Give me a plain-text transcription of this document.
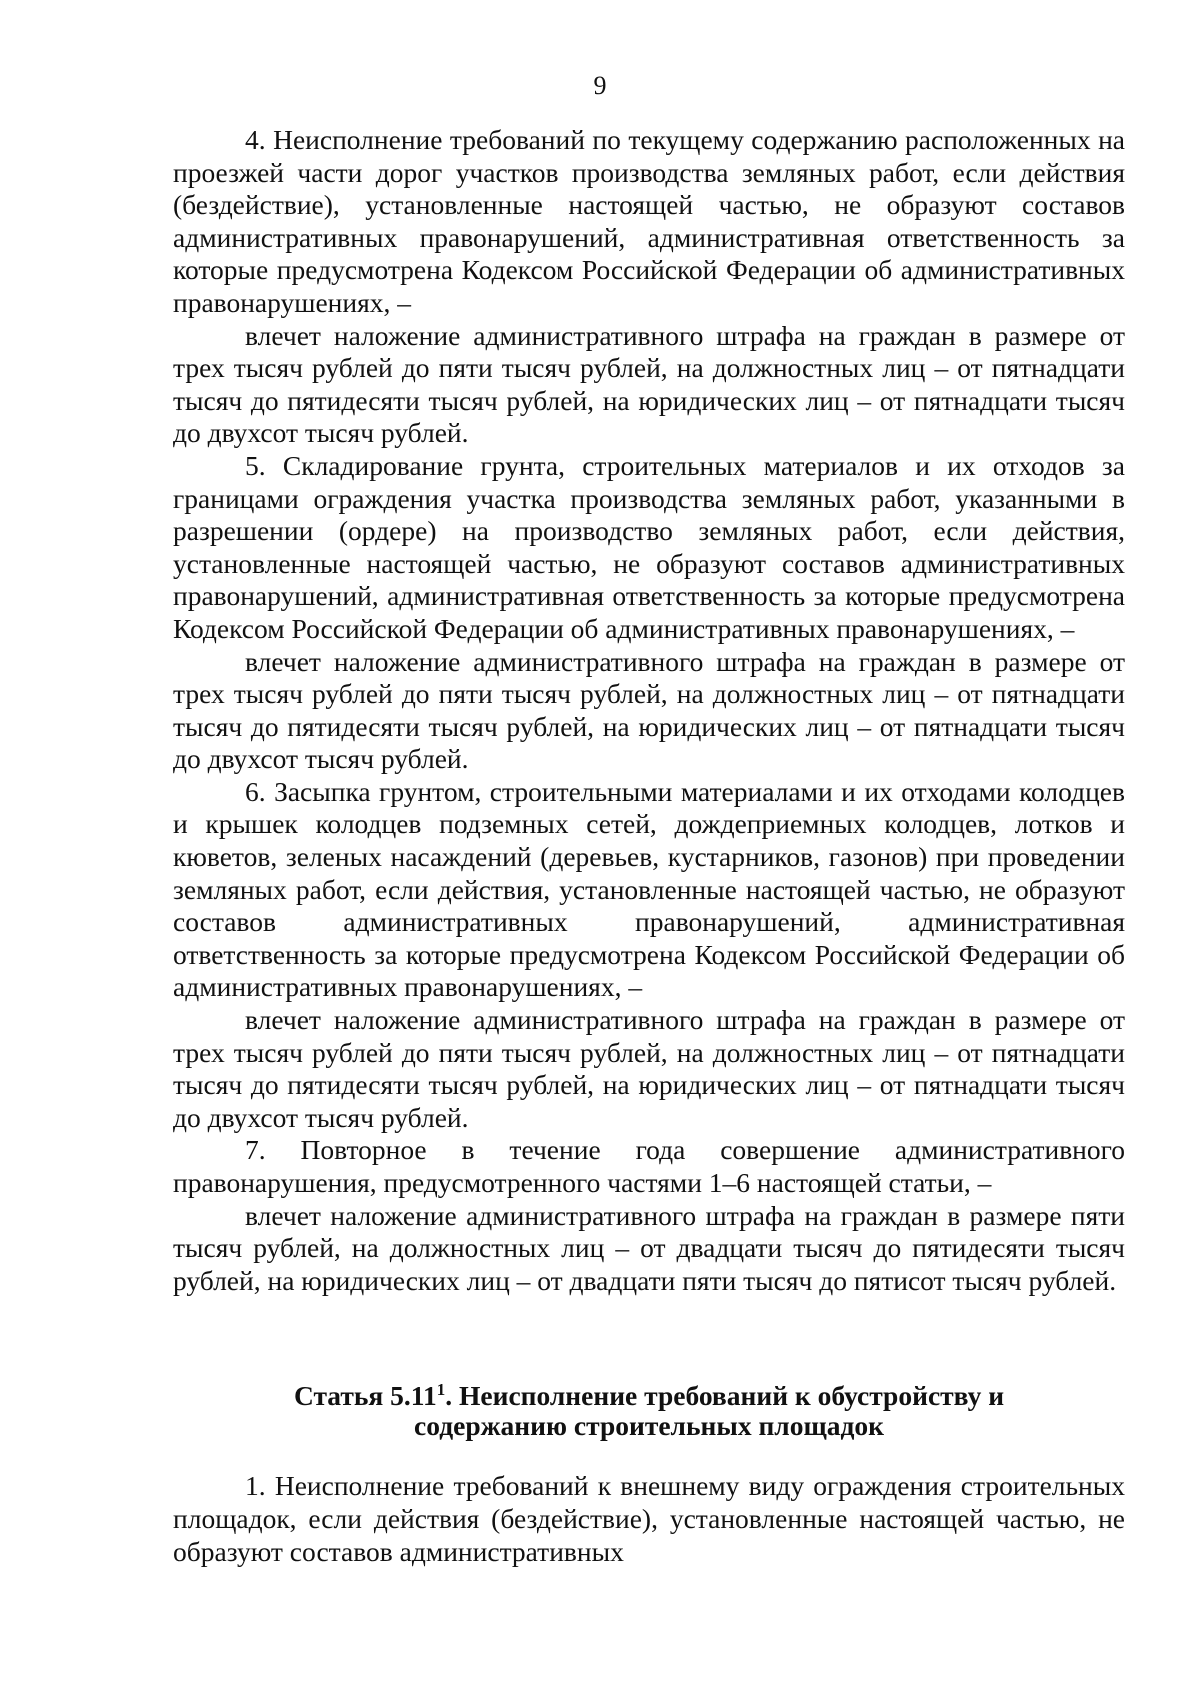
9

4. Неисполнение требований по текущему содержанию расположенных на проезжей части дорог участков производства земляных работ, если действия (бездействие), установленные настоящей частью, не образуют составов административных правонарушений, административная ответственность за которые предусмотрена Кодексом Российской Федерации об административных правонарушениях, –

влечет наложение административного штрафа на граждан в размере от трех тысяч рублей до пяти тысяч рублей, на должностных лиц – от пятнадцати тысяч до пятидесяти тысяч рублей, на юридических лиц – от пятнадцати тысяч до двухсот тысяч рублей.

5. Складирование грунта, строительных материалов и их отходов за границами ограждения участка производства земляных работ, указанными в разрешении (ордере) на производство земляных работ, если действия, установленные настоящей частью, не образуют составов административных правонарушений, административная ответственность за которые предусмотрена Кодексом Российской Федерации об административных правонарушениях, –

влечет наложение административного штрафа на граждан в размере от трех тысяч рублей до пяти тысяч рублей, на должностных лиц – от пятнадцати тысяч до пятидесяти тысяч рублей, на юридических лиц – от пятнадцати тысяч до двухсот тысяч рублей.

6. Засыпка грунтом, строительными материалами и их отходами колодцев и крышек колодцев подземных сетей, дождеприемных колодцев, лотков и кюветов, зеленых насаждений (деревьев, кустарников, газонов) при проведении земляных работ, если действия, установленные настоящей частью, не образуют составов административных правонарушений, административная ответственность за которые предусмотрена Кодексом Российской Федерации об административных правонарушениях, –

влечет наложение административного штрафа на граждан в размере от трех тысяч рублей до пяти тысяч рублей, на должностных лиц – от пятнадцати тысяч до пятидесяти тысяч рублей, на юридических лиц – от пятнадцати тысяч до двухсот тысяч рублей.

7. Повторное в течение года совершение административного правонарушения, предусмотренного частями 1–6 настоящей статьи, –

влечет наложение административного штрафа на граждан в размере пяти тысяч рублей, на должностных лиц – от двадцати тысяч до пятидесяти тысяч рублей, на юридических лиц – от двадцати пяти тысяч до пятисот тысяч рублей.

Статья 5.11$^1$. Неисполнение требований к обустройству и
содержанию строительных площадок

1. Неисполнение требований к внешнему виду ограждения строительных площадок, если действия (бездействие), установленные настоящей частью, не образуют составов административных
